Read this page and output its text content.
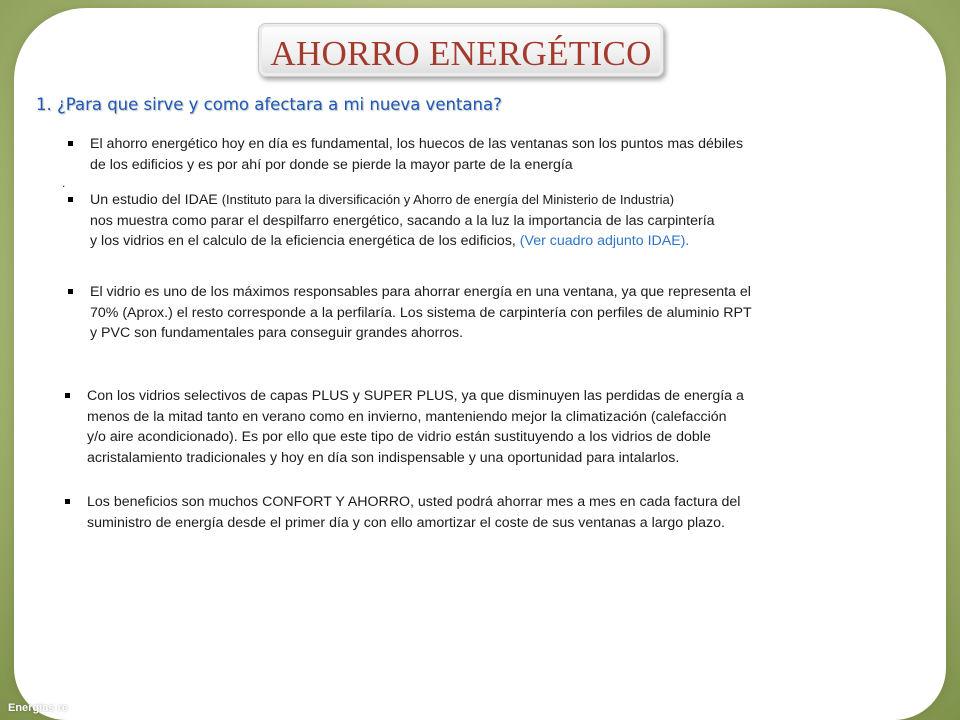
Energías re
AHORRO ENERGÉTICO
1. ¿Para que sirve y como afectara a mi nueva ventana?
El ahorro energético hoy en día es fundamental, los huecos de las ventanas son los puntos mas débiles
de los edificios y es por ahí por donde se pierde la mayor parte de la energía
.
Un estudio del IDAE (Instituto para la diversificación y Ahorro de energía del Ministerio de Industria)
nos muestra como parar el despilfarro energético, sacando a la luz la importancia de las carpintería
y los vidrios en el calculo de la eficiencia energética de los edificios, (Ver cuadro adjunto IDAE).
El vidrio es uno de los máximos responsables para ahorrar energía en una ventana, ya que representa el
70% (Aprox.) el resto corresponde a la perfilaría. Los sistema de carpintería con perfiles de aluminio RPT
y PVC son fundamentales para conseguir grandes ahorros.
Con los vidrios selectivos de capas PLUS y SUPER PLUS, ya que disminuyen las perdidas de energía a
menos de la mitad tanto en verano como en invierno, manteniendo mejor la climatización (calefacción
y/o aire acondicionado). Es por ello que este tipo de vidrio están sustituyendo a los vidrios de doble
acristalamiento tradicionales y hoy en día son indispensable y una oportunidad para intalarlos.
Los beneficios son muchos CONFORT Y AHORRO, usted podrá ahorrar mes a mes en cada factura del
suministro de energía desde el primer día y con ello amortizar el coste de sus ventanas a largo plazo.
